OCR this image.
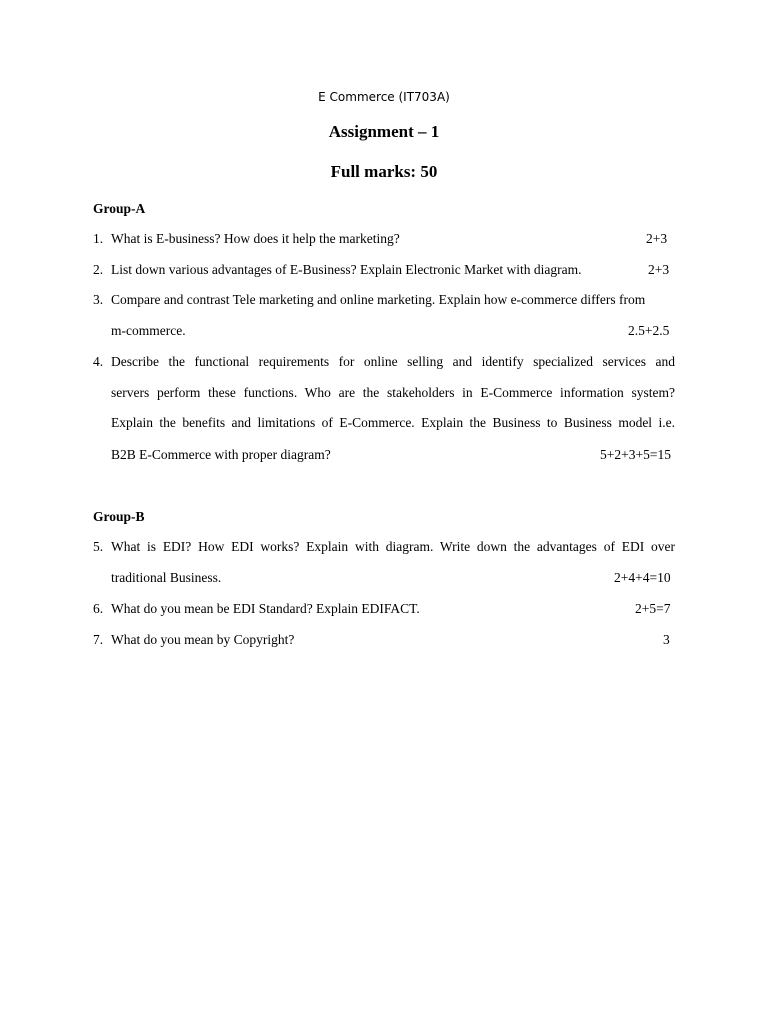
E Commerce (IT703A)
Assignment – 1
Full marks: 50
Group-A
1. What is E-business? How does it help the marketing?	2+3
2. List down various advantages of E-Business? Explain Electronic Market with diagram.	2+3
3. Compare and contrast Tele marketing and online marketing. Explain how e-commerce differs from
m-commerce.	2.5+2.5
4. Describe the functional requirements for online selling and identify specialized services and
servers perform these functions. Who are the stakeholders in E-Commerce information system?
Explain the benefits and limitations of E-Commerce. Explain the Business to Business model i.e.
B2B E-Commerce with proper diagram?	5+2+3+5=15
Group-B
5. What is EDI? How EDI works? Explain with diagram. Write down the advantages of EDI over
traditional Business.	2+4+4=10
6. What do you mean be EDI Standard? Explain EDIFACT.	2+5=7
7. What do you mean by Copyright?	3
